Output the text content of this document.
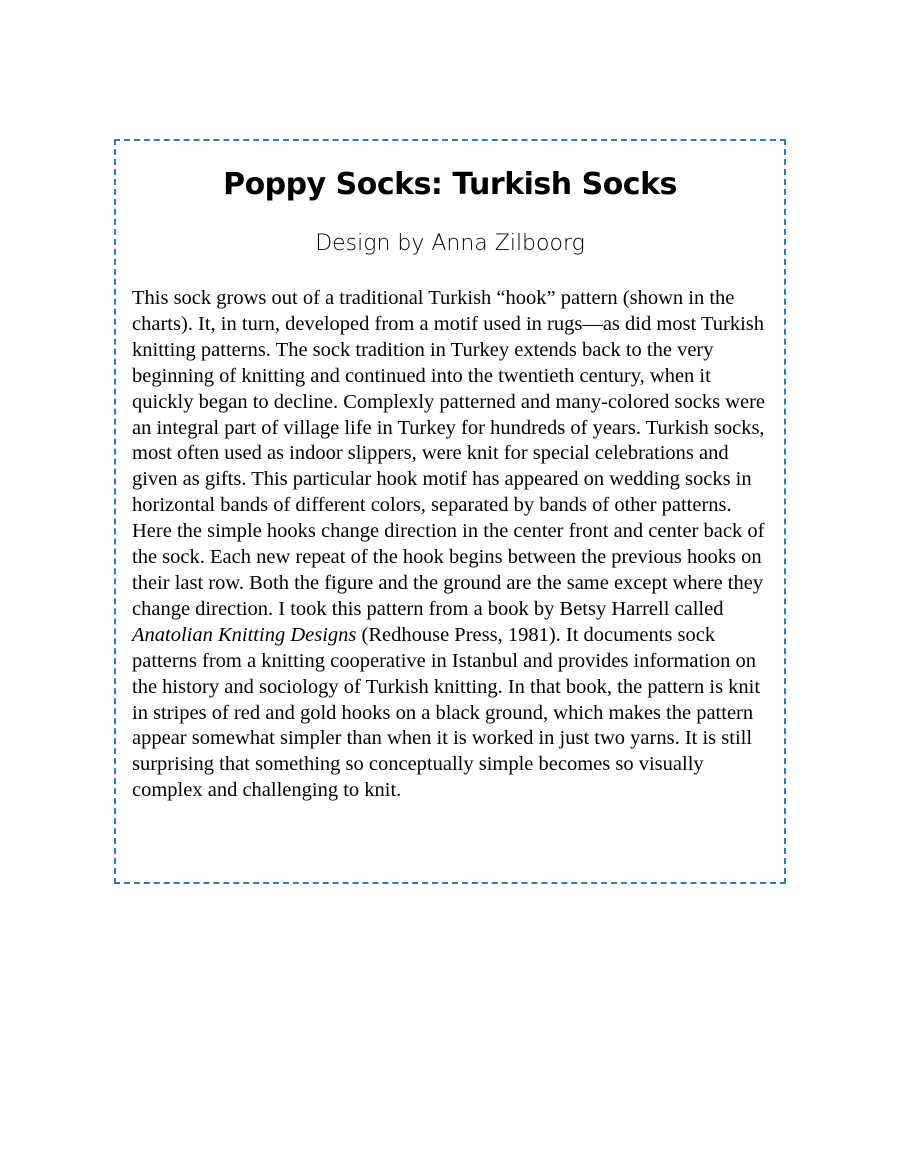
Poppy Socks: Turkish Socks

Design by Anna Zilboorg

This sock grows out of a traditional Turkish “hook” pattern (shown in the charts). It, in turn, developed from a motif used in rugs—as did most Turkish knitting patterns. The sock tradition in Turkey extends back to the very beginning of knitting and continued into the twentieth century, when it quickly began to decline. Complexly patterned and many-colored socks were an integral part of village life in Turkey for hundreds of years. Turkish socks, most often used as indoor slippers, were knit for special celebrations and given as gifts. This particular hook motif has appeared on wedding socks in horizontal bands of different colors, separated by bands of other patterns. Here the simple hooks change direction in the center front and center back of the sock. Each new repeat of the hook begins between the previous hooks on their last row. Both the figure and the ground are the same except where they change direction. I took this pattern from a book by Betsy Harrell called Anatolian Knitting Designs (Redhouse Press, 1981). It documents sock patterns from a knitting cooperative in Istanbul and provides information on the history and sociology of Turkish knitting. In that book, the pattern is knit in stripes of red and gold hooks on a black ground, which makes the pattern appear somewhat simpler than when it is worked in just two yarns. It is still surprising that something so conceptually simple becomes so visually complex and challenging to knit.
